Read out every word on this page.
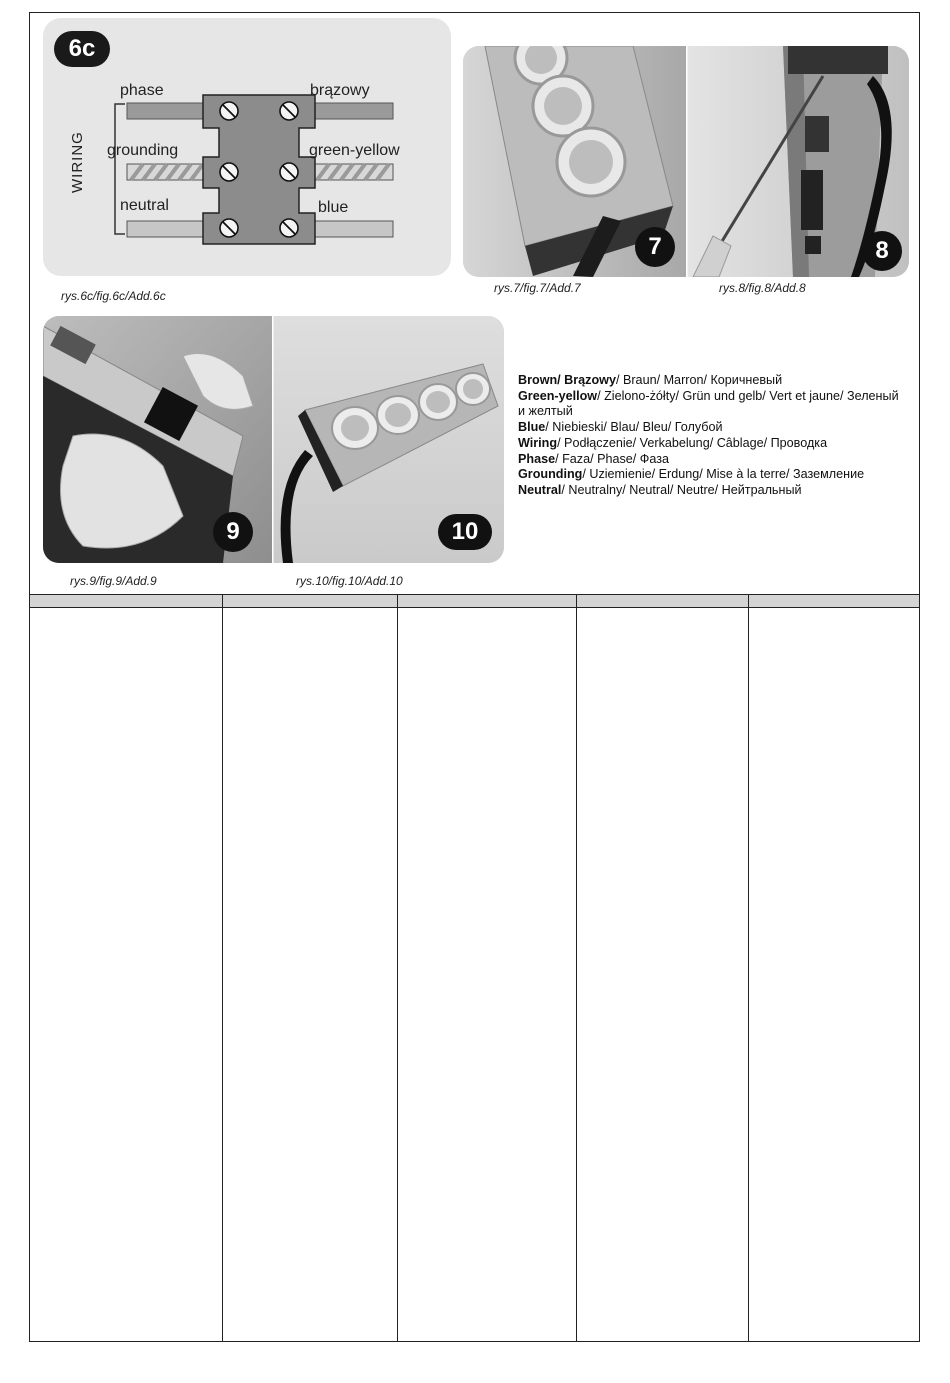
6c
phase	brązowy
grounding	green-yellow
neutral	blue
WIRING
rys.6c/fig.6c/Add.6c
7	8
rys.7/fig.7/Add.7	rys.8/fig.8/Add.8
9	10
rys.9/fig.9/Add.9	rys.10/fig.10/Add.10
Brown/ Brązowy/ Braun/ Marron/ Коричневый
Green-yellow/ Zielono-żółty/ Grün und gelb/ Vert et jaune/ Зеленый и желтый
Blue/ Niebieski/ Blau/ Bleu/ Голубой
Wiring/ Podłączenie/ Verkabelung/ Câblage/ Проводка
Phase/ Faza/ Phase/ Фаза
Grounding/ Uziemienie/ Erdung/ Mise à la terre/ Заземление
Neutral/ Neutralny/ Neutral/ Neutre/ Нейтральный
